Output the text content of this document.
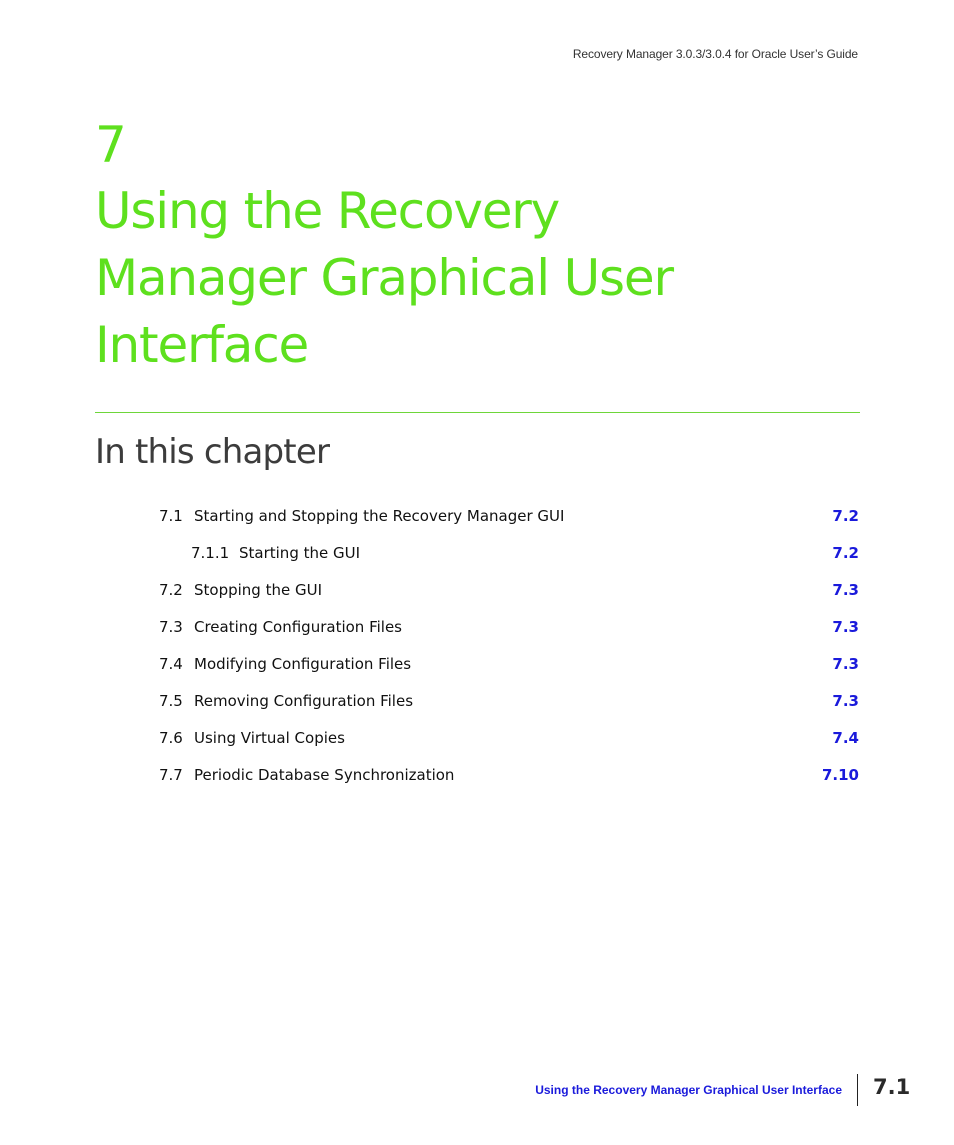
Recovery Manager 3.0.3/3.0.4 for Oracle User’s Guide
7
Using the Recovery
Manager Graphical User
Interface
In this chapter
7.1 Starting and Stopping the Recovery Manager GUI	7.2
7.1.1 Starting the GUI	7.2
7.2 Stopping the GUI	7.3
7.3 Creating Configuration Files	7.3
7.4 Modifying Configuration Files	7.3
7.5 Removing Configuration Files	7.3
7.6 Using Virtual Copies	7.4
7.7 Periodic Database Synchronization	7.10
Using the Recovery Manager Graphical User Interface 7.1
